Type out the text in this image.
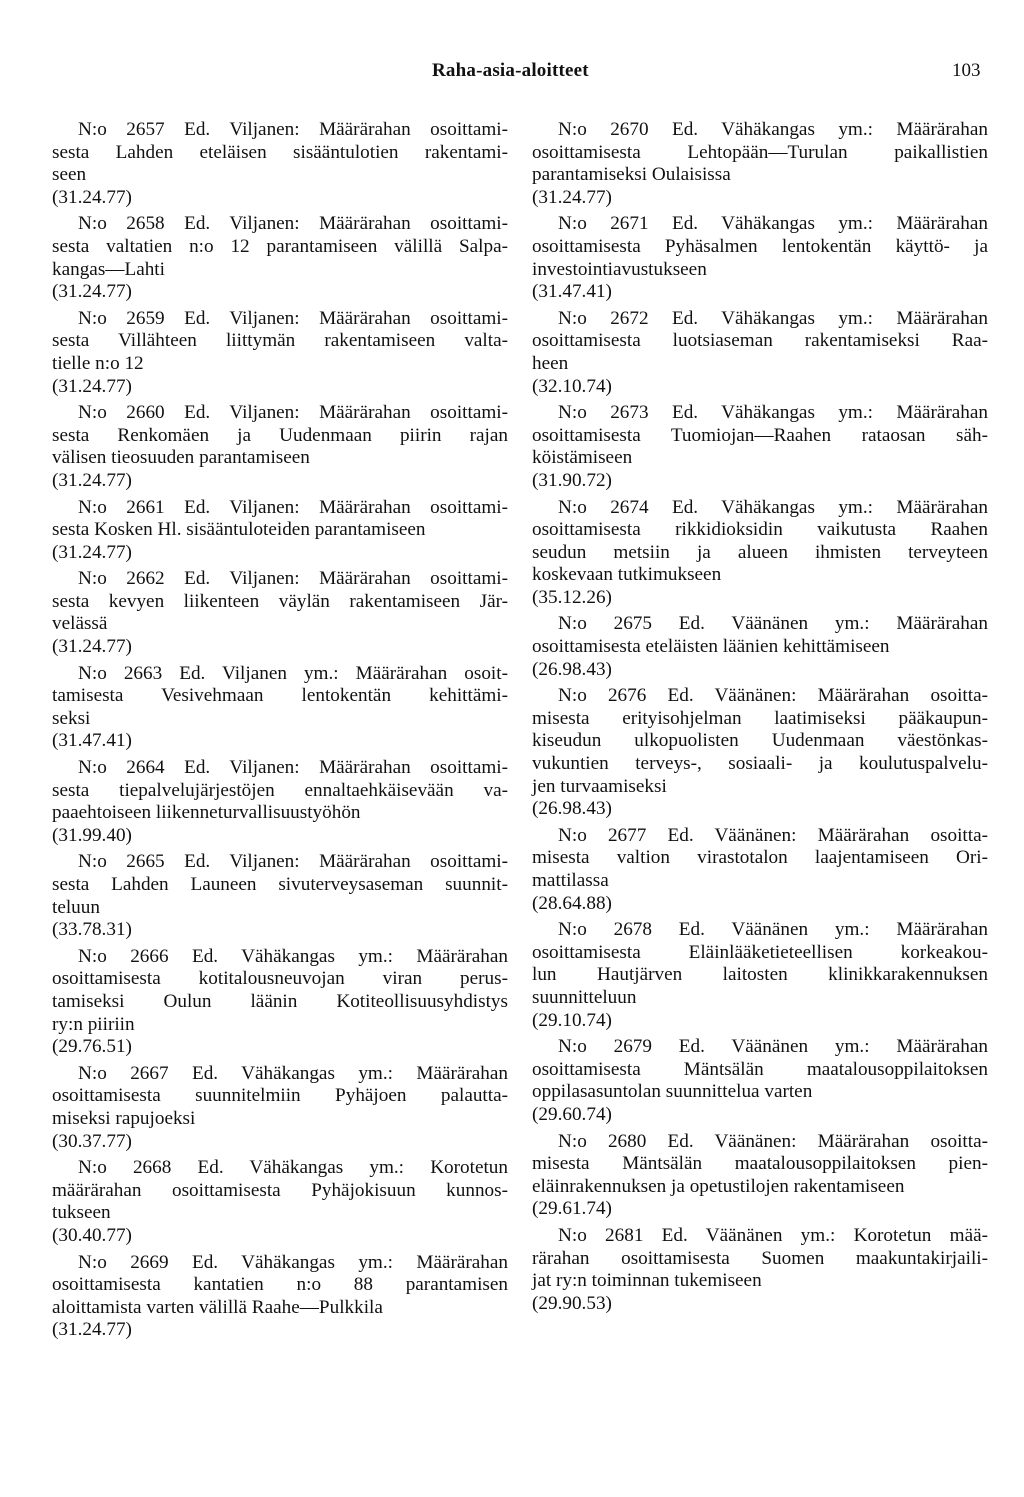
Raha-asia-aloitteet	103
N:o 2657 Ed. Viljanen: Määrärahan osoittami-
sesta Lahden eteläisen sisääntulotien rakentami-
seen
(31.24.77)
N:o 2658 Ed. Viljanen: Määrärahan osoittami-
sesta valtatien n:o 12 parantamiseen välillä Salpa-
kangas—Lahti
(31.24.77)
N:o 2659 Ed. Viljanen: Määrärahan osoittami-
sesta Villähteen liittymän rakentamiseen valta-
tielle n:o 12
(31.24.77)
N:o 2660 Ed. Viljanen: Määrärahan osoittami-
sesta Renkomäen ja Uudenmaan piirin rajan
välisen tieosuuden parantamiseen
(31.24.77)
N:o 2661 Ed. Viljanen: Määrärahan osoittami-
sesta Kosken Hl. sisääntuloteiden parantamiseen
(31.24.77)
N:o 2662 Ed. Viljanen: Määrärahan osoittami-
sesta kevyen liikenteen väylän rakentamiseen Jär-
velässä
(31.24.77)
N:o 2663 Ed. Viljanen ym.: Määrärahan osoit-
tamisesta Vesivehmaan lentokentän kehittämi-
seksi
(31.47.41)
N:o 2664 Ed. Viljanen: Määrärahan osoittami-
sesta tiepalvelujärjestöjen ennaltaehkäisevään va-
paaehtoiseen liikenneturvallisuustyöhön
(31.99.40)
N:o 2665 Ed. Viljanen: Määrärahan osoittami-
sesta Lahden Launeen sivuterveysaseman suunnit-
teluun
(33.78.31)
N:o 2666 Ed. Vähäkangas ym.: Määrärahan
osoittamisesta kotitalousneuvojan viran perus-
tamiseksi Oulun läänin Kotiteollisuusyhdistys
ry:n piiriin
(29.76.51)
N:o 2667 Ed. Vähäkangas ym.: Määrärahan
osoittamisesta suunnitelmiin Pyhäjoen palautta-
miseksi rapujoeksi
(30.37.77)
N:o 2668 Ed. Vähäkangas ym.: Korotetun
määrärahan osoittamisesta Pyhäjokisuun kunnos-
tukseen
(30.40.77)
N:o 2669 Ed. Vähäkangas ym.: Määrärahan
osoittamisesta kantatien n:o 88 parantamisen
aloittamista varten välillä Raahe—Pulkkila
(31.24.77)
N:o 2670 Ed. Vähäkangas ym.: Määrärahan
osoittamisesta Lehtopään—Turulan paikallistien
parantamiseksi Oulaisissa
(31.24.77)
N:o 2671 Ed. Vähäkangas ym.: Määrärahan
osoittamisesta Pyhäsalmen lentokentän käyttö- ja
investointiavustukseen
(31.47.41)
N:o 2672 Ed. Vähäkangas ym.: Määrärahan
osoittamisesta luotsiaseman rakentamiseksi Raa-
heen
(32.10.74)
N:o 2673 Ed. Vähäkangas ym.: Määrärahan
osoittamisesta Tuomiojan—Raahen rataosan säh-
köistämiseen
(31.90.72)
N:o 2674 Ed. Vähäkangas ym.: Määrärahan
osoittamisesta rikkidioksidin vaikutusta Raahen
seudun metsiin ja alueen ihmisten terveyteen
koskevaan tutkimukseen
(35.12.26)
N:o 2675 Ed. Väänänen ym.: Määrärahan
osoittamisesta eteläisten läänien kehittämiseen
(26.98.43)
N:o 2676 Ed. Väänänen: Määrärahan osoitta-
misesta erityisohjelman laatimiseksi pääkaupun-
kiseudun ulkopuolisten Uudenmaan väestönkas-
vukuntien terveys-, sosiaali- ja koulutuspalvelu-
jen turvaamiseksi
(26.98.43)
N:o 2677 Ed. Väänänen: Määrärahan osoitta-
misesta valtion virastotalon laajentamiseen Ori-
mattilassa
(28.64.88)
N:o 2678 Ed. Väänänen ym.: Määrärahan
osoittamisesta Eläinlääketieteellisen korkeakou-
lun Hautjärven laitosten klinikkarakennuksen
suunnitteluun
(29.10.74)
N:o 2679 Ed. Väänänen ym.: Määrärahan
osoittamisesta Mäntsälän maatalousoppilaitoksen
oppilasasuntolan suunnittelua varten
(29.60.74)
N:o 2680 Ed. Väänänen: Määrärahan osoitta-
misesta Mäntsälän maatalousoppilaitoksen pien-
eläinrakennuksen ja opetustilojen rakentamiseen
(29.61.74)
N:o 2681 Ed. Väänänen ym.: Korotetun mää-
rärahan osoittamisesta Suomen maakuntakirjaili-
jat ry:n toiminnan tukemiseen
(29.90.53)
